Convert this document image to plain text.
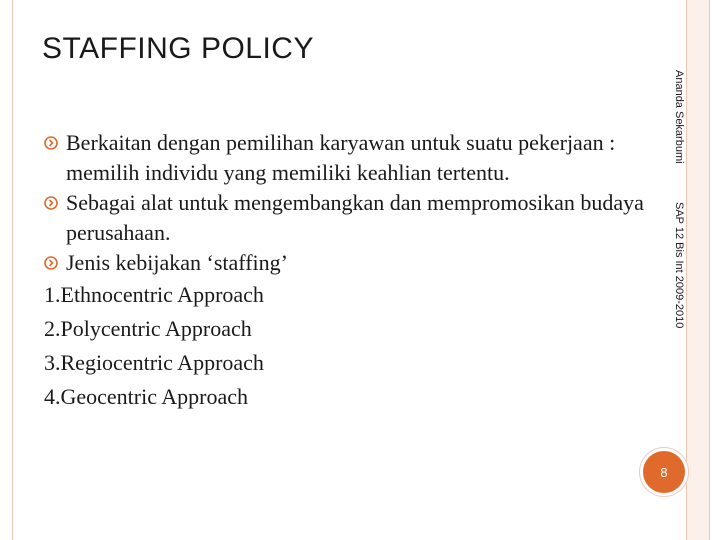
STAFFING POLICY
Berkaitan dengan pemilihan karyawan untuk suatu pekerjaan : memilih individu yang memiliki keahlian tertentu.
Sebagai alat untuk mengembangkan dan mempromosikan budaya perusahaan.
Jenis kebijakan ‘staffing’

1.Ethnocentric Approach

2.Polycentric Approach

3.Regiocentric Approach

4.Geocentric Approach

Ananda Sekarbumi
SAP 12 Bis Int 2009-2010
8
